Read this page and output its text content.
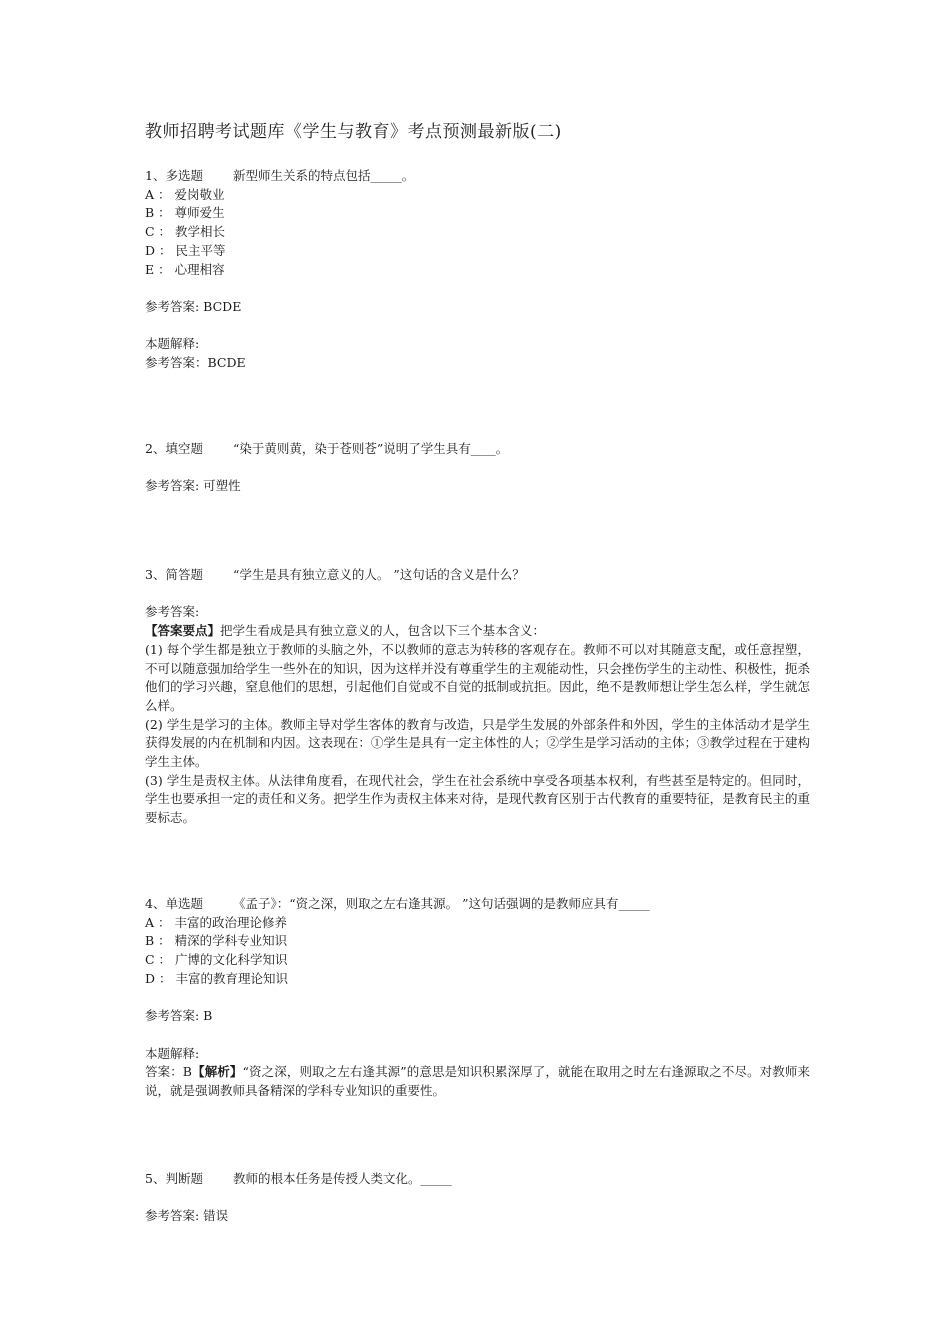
教师招聘考试题库《学生与教育》考点预测最新版(二)
1、多选题 新型师生关系的特点包括_____。
A ： 爱岗敬业
B ： 尊师爱生
C ： 教学相长
D ： 民主平等
E ： 心理相容
参考答案: BCDE
本题解释:
参考答案：BCDE
2、填空题 “染于黄则黄，染于苍则苍”说明了学生具有____。
参考答案: 可塑性
3、简答题 “学生是具有独立意义的人。 ”这句话的含义是什么？
参考答案:
【答案要点】把学生看成是具有独立意义的人，包含以下三个基本含义：
(1) 每个学生都是独立于教师的头脑之外，不以教师的意志为转移的客观存在。教师不可以对其随意支配，或任意捏塑，不可以随意强加给学生一些外在的知识，因为这样并没有尊重学生的主观能动性，只会挫伤学生的主动性、积极性，扼杀他们的学习兴趣，窒息他们的思想，引起他们自觉或不自觉的抵制或抗拒。因此，绝不是教师想让学生怎么样，学生就怎么样。
(2) 学生是学习的主体。教师主导对学生客体的教育与改造，只是学生发展的外部条件和外因，学生的主体活动才是学生获得发展的内在机制和内因。这表现在：①学生是具有一定主体性的人；②学生是学习活动的主体；③教学过程在于建构学生主体。
(3) 学生是责权主体。从法律角度看，在现代社会，学生在社会系统中享受各项基本权利，有些甚至是特定的。但同时，学生也要承担一定的责任和义务。把学生作为责权主体来对待，是现代教育区别于古代教育的重要特征，是教育民主的重要标志。
4、单选题 《孟子》：“资之深，则取之左右逢其源。 ”这句话强调的是教师应具有_____
A ： 丰富的政治理论修养
B ： 精深的学科专业知识
C ： 广博的文化科学知识
D ： 丰富的教育理论知识
参考答案: B
本题解释:
答案：B【解析】“资之深，则取之左右逢其源”的意思是知识积累深厚了，就能在取用之时左右逢源取之不尽。对教师来说，就是强调教师具备精深的学科专业知识的重要性。
5、判断题 教师的根本任务是传授人类文化。_____
参考答案: 错误
